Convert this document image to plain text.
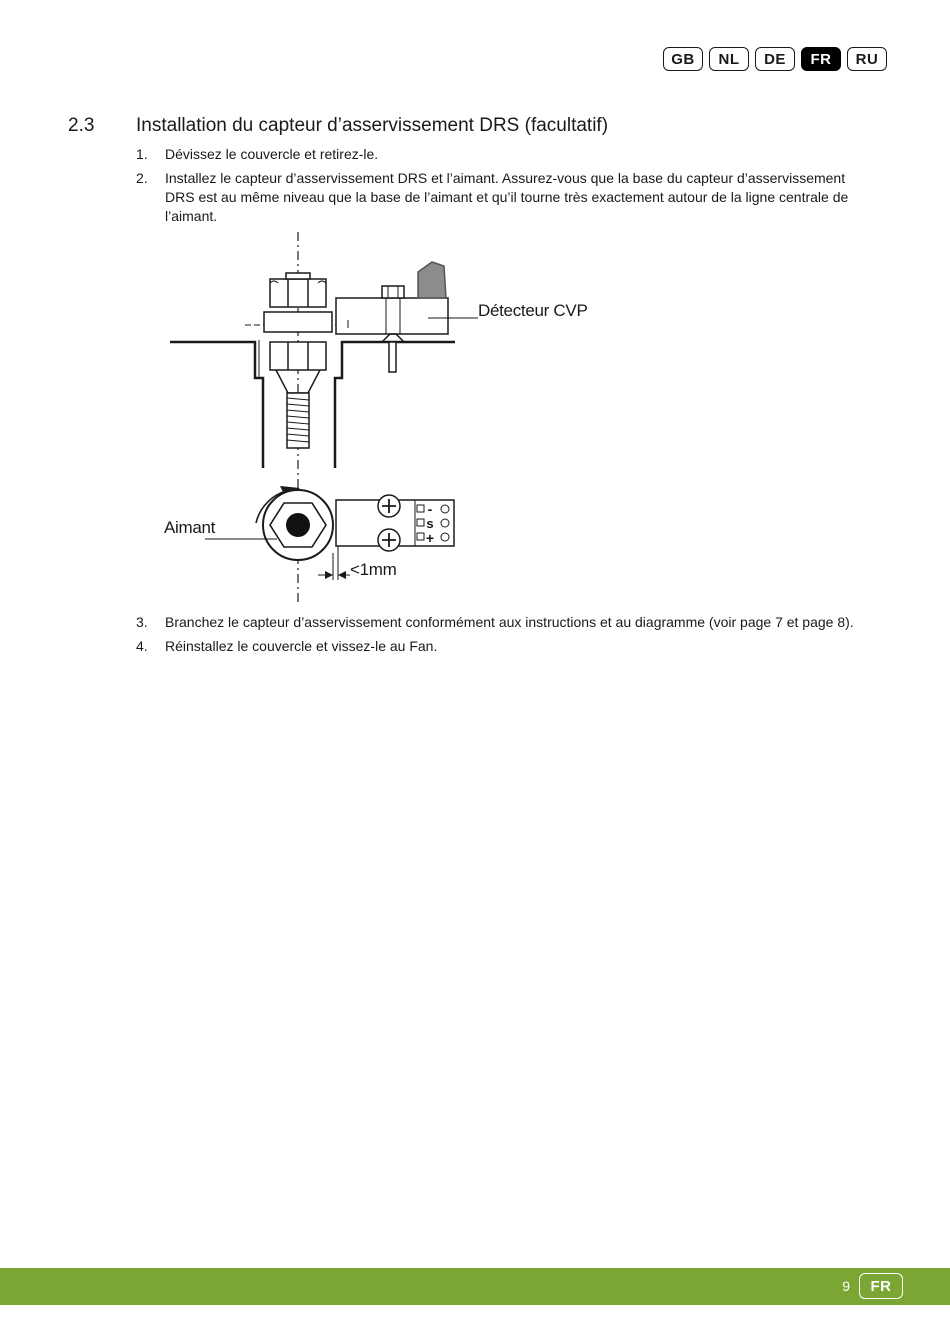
GB	NL	DE	FR	RU
2.3 Installation du capteur d’asservissement DRS (facultatif)
1. Dévissez le couvercle et retirez-le.
2. Installez le capteur d’asservissement DRS et l’aimant. Assurez-vous que la base du capteur d’asservissement DRS est au même niveau que la base de l’aimant et qu’il tourne très exactement autour de la ligne centrale de l’aimant.
-
s
+
Détecteur CVP
Aimant
<1mm
3. Branchez le capteur d’asservissement conformément aux instructions et au diagramme (voir page 7 et page 8).
4. Réinstallez le couvercle et vissez-le au Fan.
9	FR
